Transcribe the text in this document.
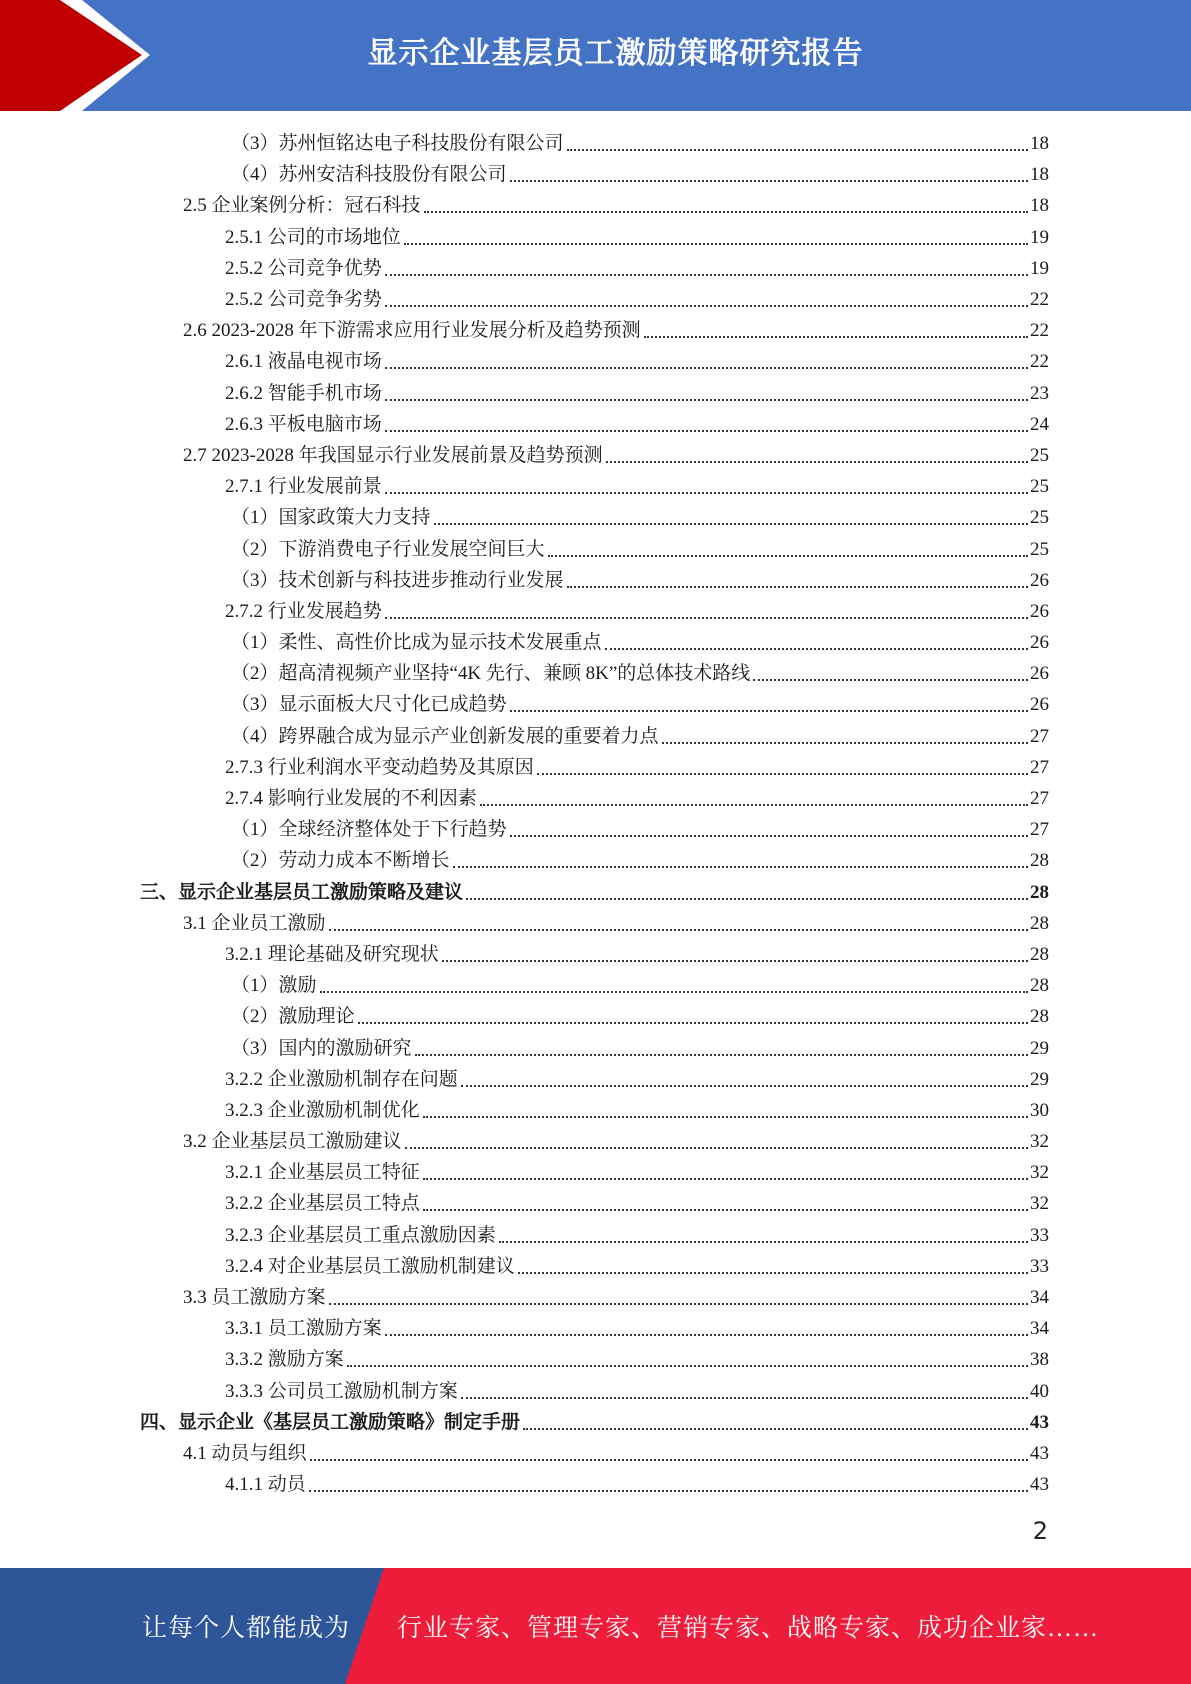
显示企业基层员工激励策略研究报告
（3）苏州恒铭达电子科技股份有限公司	18
（4）苏州安洁科技股份有限公司	18
2.5 企业案例分析：冠石科技	18
2.5.1 公司的市场地位	19
2.5.2 公司竞争优势	19
2.5.2 公司竞争劣势	22
2.6 2023-2028 年下游需求应用行业发展分析及趋势预测	22
2.6.1 液晶电视市场	22
2.6.2 智能手机市场	23
2.6.3 平板电脑市场	24
2.7 2023-2028 年我国显示行业发展前景及趋势预测	25
2.7.1 行业发展前景	25
（1）国家政策大力支持	25
（2）下游消费电子行业发展空间巨大	25
（3）技术创新与科技进步推动行业发展	26
2.7.2 行业发展趋势	26
（1）柔性、高性价比成为显示技术发展重点	26
（2）超高清视频产业坚持“4K 先行、兼顾 8K”的总体技术路线	26
（3）显示面板大尺寸化已成趋势	26
（4）跨界融合成为显示产业创新发展的重要着力点	27
2.7.3 行业利润水平变动趋势及其原因	27
2.7.4 影响行业发展的不利因素	27
（1）全球经济整体处于下行趋势	27
（2）劳动力成本不断增长	28
三、显示企业基层员工激励策略及建议	28
3.1 企业员工激励	28
3.2.1 理论基础及研究现状	28
（1）激励	28
（2）激励理论	28
（3）国内的激励研究	29
3.2.2 企业激励机制存在问题	29
3.2.3 企业激励机制优化	30
3.2 企业基层员工激励建议	32
3.2.1 企业基层员工特征	32
3.2.2 企业基层员工特点	32
3.2.3 企业基层员工重点激励因素	33
3.2.4 对企业基层员工激励机制建议	33
3.3 员工激励方案	34
3.3.1 员工激励方案	34
3.3.2 激励方案	38
3.3.3 公司员工激励机制方案	40
四、显示企业《基层员工激励策略》制定手册	43
4.1 动员与组织	43
4.1.1 动员	43
2
让每个人都能成为 行业专家、管理专家、营销专家、战略专家、成功企业家……
